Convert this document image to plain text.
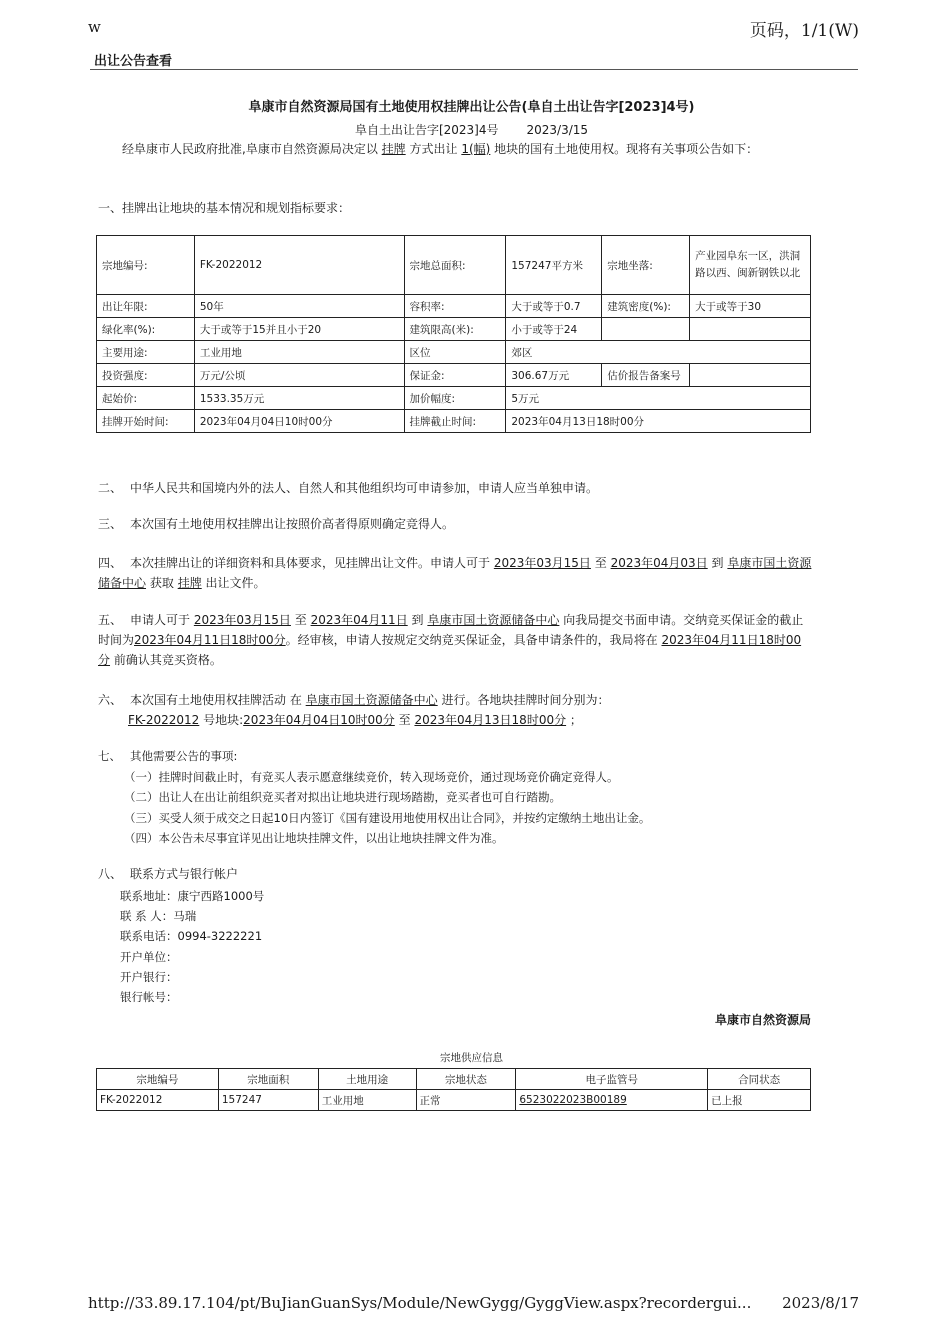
w	页码，1/1(W)
出让公告查看
阜康市自然资源局国有土地使用权挂牌出让公告(阜自土出让告字[2023]4号)
阜自土出让告字[2023]4号 2023/3/15
经阜康市人民政府批准,阜康市自然资源局决定以 挂牌 方式出让 1(幅) 地块的国有土地使用权。现将有关事项公告如下：
一、挂牌出让地块的基本情况和规划指标要求：
宗地编号:	FK-2022012	宗地总面积:	157247平方米	宗地坐落:	产业园阜东一区，洪洞路以西、闽新钢铁以北
出让年限:	50年	容积率:	大于或等于0.7	建筑密度(%):	大于或等于30
绿化率(%):	大于或等于15并且小于20	建筑限高(米):	小于或等于24		
主要用途:	工业用地	区位	郊区		
投资强度:	万元/公顷	保证金:	306.67万元	估价报告备案号	
起始价:	1533.35万元	加价幅度:	5万元		
挂牌开始时间:	2023年04月04日10时00分	挂牌截止时间:	2023年04月13日18时00分		
二、 中华人民共和国境内外的法人、自然人和其他组织均可申请参加，申请人应当单独申请。
三、 本次国有土地使用权挂牌出让按照价高者得原则确定竞得人。
四、 本次挂牌出让的详细资料和具体要求，见挂牌出让文件。申请人可于 2023年03月15日 至 2023年04月03日 到 阜康市国土资源储备中心 获取 挂牌 出让文件。
五、 申请人可于 2023年03月15日 至 2023年04月11日 到 阜康市国土资源储备中心 向我局提交书面申请。交纳竞买保证金的截止时间为2023年04月11日18时00分。经审核，申请人按规定交纳竞买保证金，具备申请条件的，我局将在 2023年04月11日18时00分 前确认其竞买资格。
六、 本次国有土地使用权挂牌活动 在 阜康市国土资源储备中心 进行。各地块挂牌时间分别为：
FK-2022012 号地块:2023年04月04日10时00分 至 2023年04月13日18时00分 ；
七、 其他需要公告的事项:
（一）挂牌时间截止时，有竞买人表示愿意继续竞价，转入现场竞价，通过现场竞价确定竞得人。
（二）出让人在出让前组织竞买者对拟出让地块进行现场踏勘，竞买者也可自行踏勘。
（三）买受人须于成交之日起10日内签订《国有建设用地使用权出让合同》，并按约定缴纳土地出让金。
（四）本公告未尽事宜详见出让地块挂牌文件，以出让地块挂牌文件为准。
八、 联系方式与银行帐户
联系地址：康宁西路1000号
联 系 人：马瑞
联系电话：0994-3222221
开户单位：
开户银行：
银行帐号：
阜康市自然资源局
宗地供应信息
宗地编号	宗地面积	土地用途	宗地状态	电子监管号	合同状态
FK-2022012	157247	工业用地	正常	6523022023B00189	已上报
http://33.89.17.104/pt/BuJianGuanSys/Module/NewGygg/GyggView.aspx?recordergui... 2023/8/17
